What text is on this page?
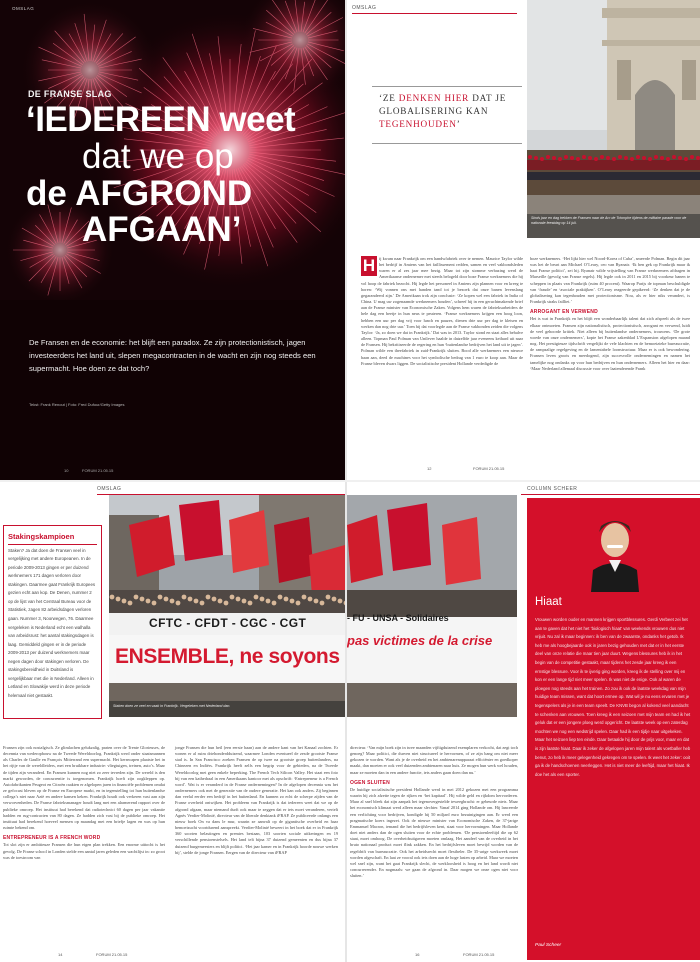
OMSLAG
DE FRANSE SLAG
‘IEDEREEN weet
dat we op
de AFGROND
AFGAAN’
De Fransen en de economie: het blijft een paradox. Ze zijn protectionistisch, jagen investeerders het land uit, slepen megacontracten in de wacht en zijn nog steeds een supermacht. Hoe doen ze dat toch?
Tekst: Frank Renout | Foto: Fred Dufour/Getty Images
10	FORUM 21.05.15
OMSLAG
‘ZE DENKEN HIER DAT JE GLOBALISERING KAN TEGENHOUDEN’
Sinds jaar en dag trekken de Fransen naar de Arc de Triomphe tijdens de militaire parade voor de nationale feestdag op 14 juli.
H ij kwam naar Frankrijk om een handwfabriek over te nemen. Maurice Taylor wilde het bedrijf in Amiens van het faillissement redden, samen en veel vakbondsleden waren er al zes jaar mee bezig. Maar tot zijn stomme verbazing werd de Amerikaanse ondernemer met steeds belogeld door boze Franse werknemers die hij vol hoop de fabriek bezocht. Hij legde het personeel in Amiens zijn plannen voor en kreeg te horen: ‘Wij vonnen ons met handen tand tot je bezoek dat onze banen levenslang gegarandeerd zijn.’ De Amerikaan trok zijn conclusie: ‘Ze kopen wel een fabriek in India of China. U mag uw zogenaamde werknemers houden’, schreef hij in een geruchtmakende brief aan de Franse minister van Economische Zaken. Volgens hem waren de fabrieksarbeiders de hele dag een beetje in hun neus te peuteren. ‘Franse werknemers krijgen een hoog loon, hebben een uur per dag vrij voor lunch en pauzes, dienen drie uur per dag te kletsen en werken dan nog drie uur.’ Toen hij dat voorlegde aan de Franse vakbonden zeiden die volgens Taylor: ‘Ja, zo doen we dat in Frankrijk.’ Dat was in 2013. Taylor stond en staat alles behalve alleen. Topman Paul Polman van Unilever haalde in datzelfde jaar eveneens keihard uit naar de Fransen. Hij bekritiseerde de regering en hun ‘buitenlandse bedrijven het land uit te jagen’. Polman wilde een theefabriek in zuid-Frankrijk sluiten. Bood alle werknemers een nieuwe baan aan, deed de machines voor het symbolische bedrag van 1 euro te koop aan. Maar de Franse bleven dwars liggen. De socialistische president Hollande verdedigde de
boze werknemers. ‘Het lijkt hier wel Noord-Korea of Cuba’, smeerde Polman. Begin dit jaar was het de beurt aan Michael O’Leary, ceo van Ryanair. ‘Ik ben gek op Frankrijk maar ik haat Franse politici’, zei hij. Ryanair wilde vrijstelling van Franse werknemers afdragen in Marseille (gevolg van Franse regels). Hij legde ook in 2011 en 2015 bij voorkeur banen te scheppen in plaats van Frankrijk (ruim 40 procent). Waarop Parijs de topman beschuldigde van ‘fraude’ en ‘asociale praktijken’. O’Leary reageerde gepikeerd: ‘Ze denken dat je de globalisering kan tegenhouden met protectionisme. Nou, als er hier niks verandert, is Frankrijk straks failliet.’
ARROGANT EN VERWEND
Het is wat in Frankrijk en het blijft een wonderbaarlijk talent dat zich afspeelt als de twee elkaar ontmoeten. Fransen zijn nationalistisch, protectionistisch, arrogant en verwend, luidt de veel gehoorde kritiek. Niet alleen bij buitenlandse ondernemers, trouwens. ‘De grote woede van onze ondernemers’, kopte het Franse zakenblad L’Expansion afgelopen maand nog. Het prestigieuze tijdschrift vergelijkt de vele klachten en de bemoeizieke bureaucratie, de rampzalige regelgeving en de lamentabele loonstructuur. Maar er is ook bewondering. Fransen leven groots en meedogend, zijn succesvolle ondernemingen en namen het tamelijke nog ondanks op voor hun bedrijven en hun ondernemers. Alleen het hier en daar: ‘Maar Nederland allemaal discussie voor over laaienderende Frank
12	FORUM 21.05.15
OMSLAG
Stakingskampioen
Staken? Ja dat doen de Fransen veel in vergelijking met andere Europeanen. In de periode 2009-2013 gingen er per duizend werknemers 171 dagen verloren door stakingen. Daarmee gaat Frankrijk Europees gezien echt aan kop. De Denen, nummer 2 op de lijst van het Centraal Bureau voor de Statistiek, zagen 82 arbeidsdagen verloren gaan. Nummer 3, Noorwegen, 76. Daarmee vergeleken is Nederland echt een walhalla van arbeidsrust: het aantal stakingsdagen is laag. Gemiddeld gingen er in de periode 2009-2013 per duizend werknemers maar negen dagen door stakingen verloren. De stakingsbereidheid in Duitsland is vergelijkbaar met die in Nederland. Alleen in Letland en Slowakije werd in deze periode helemaal niet gestaakt.
CFTC - CFDT - CGC - CGT
ENSEMBLE, ne soyons
Staken doen ze veel en vaak in Frankrijk. Vergeleken met Nederland dan.
Fransen zijn ook nostalgisch. Ze glimlachen gelukzalig, praten over de Trente Glorieuses, de decennia van wederopbouw na de Tweede Wereldoorlog. Frankrijk werd onder staatsmannen als Charles de Gaulle en François Mitterrand een supermacht. Het kernwapen plaatste het in het rijtje van de wereldleiders, met een bruikbare industrie: vliegtuigen, treinen, auto’s. Maar de tijden zijn veranderd. En Fransen kunnen nog niet zo zeer tevreden zijn. De wereld is den markt geworden, de concurrentie is toegenomen. Frankrijk hoeft zijn oogkleppen op. Autofabrikanten Peugeot en Citroën raakten er afgelopen jaren in financiële problemen omdat ze gefocust bleven op de Franse en Europese markt, en in tegenstelling tot hun buitenlandse collega’s niet naar Azië en andere kansen keken. Frankrijk houdt ook verkeren vast aan zijn verworvenheden. De Franse fabrieksmanager houdt lang met een alarmerend rapport over de publieke omroep. Het instituut had berekend dat radiotechnici 60 dagen per jaar vakantie hadden en rug-contracten van 80 dagen. Ze hadden zich vast bij de publieke omroep. Het instituut had berekend hoeveel mensen op maandag met een briefje lagen en was op hun ruimte bekend om.
ENTREPRENEUR IS A FRENCH WORD
Tot slot zijn er ambitieuze Fransen die hun eigen plan trekken. Een enorme uittocht is het gevolg. De Franse school in Londen stelde een aantal jaren geleden een wachtlijst in: zo groot was de toestroom van
jonge Fransen die hun heil (een eerste baan) aan de andere kant van het Kanaal zochten. Er wonen er al ruim driehonderdduizend, waarmee Londen eventueel de zesde grootste Franse stad is. In San Francisco zoeken Fransen de op twee na grootste groep buitenlanders, na Chinezen en Indiërs. Frankrijk heeft zelfs een begrip voor de gebieden, na de Tweede Wereldoorlog met geen enkele beperking. The French Tech Silicon Valley. Het staat een foto bij van een kathedraal in een Amerikaans kantoor met als opschrift: ‘Entrepreneur is a French word’. Wat is er veranderd in de Franse ondernemingen? In de afgelopen decennia was het ondernemers ook met de generatie van de oudere generatie. Het kan ook anders. Zij beginnen dan veelal eerder een bedrijf in het buitenland. En kunnen zo echt de scherpe zijden van de Franse overheid ontwijken. Het probleem van Frankrijk is dat iedereen weet dat we op de afgrond afgaan, maar niemand durft ook maar te zeggen dat er iets moet veranderen, vertelt Agnès Verdier-Molinié, directeur van de liberale denktank iFRAP. Ze publiceerde onlangs een nieuw boek On va dans le mur, waarin ze aanvalt op de gigantische overheid en haar bemoeizucht voortdurend aanspreekt. Verdier-Molinié beweert in het boek dat er in Frankrijk 360 soorten belastingen en premies bestaan, 103 soorten sociale uitkeringen en 19 verschillende pensioenstelsels. Het land telt bijna 37 duizend gemeenten en dus bijna 37 duizend burgemeesters en blijft politici. ‘Het jaar kamer en in Frankrijk hoorde nouwe werken bij’, stelde de jonge Fransen. Eergen van de directeur van iFRAP
14	FORUM 21.05.15
- FU - UNSA - Solidaires
pas victimes de la crise
COLUMN SCHEER
Hiaat
Vrouwen worden ouder en mannen krijgen sportblessures. Gerdi Verbeet zei het aan te gaven dat het niet het ‘biologisch hiaat’ van weekends vrouwen dus niet vrijuit. Nu zal ik maar beginnen: ik ben van de zwaarste, ondanks het getob. Ik heb me als hoogbejaarde ook in jaren bezig gehouden met dat er in het eerste deel van onze relatie die maar tien jaar duurt. Wegens blessures heb ik in het begin van de competitie gestaakt, maar tijdens het zesde jaar kreeg ik een ernstige blessure. Voor ik te ijverig ging worden, kreeg ik de stelling over mij en kon er een lange tijd niet meer spelen. Ik was niet de enige. Ook al waren de ploegen nog steeds aan het trainen. Zo zou ik ook de laatste weekdag van mijn huidige team missen, want dat hoort ermee op. Wat wil je nu eens ervaren met je tegenspelers als je in een team speelt. De KNVB begon al kokend veel aandacht te schenken aan vrouwen. Toen kreeg ik een seizoen met mijn team en had ik het geluk dat er een jongere ploeg werd opgericht. De laatste week op een zaterdag mochten we nog een wedstrijd spelen. Daar had ik een tijdje naar uitgekeken. Maar het seizoen liep ten einde. Daar betaalde hij door de prijs voor, maar en dat is zijn laatste hiaat. Daar ik zeker de afgelopen jaren mijn talent als voetballer heb benut, zo heb ik meer gelegenheid gekregen om te spelen. Ik weet het zeker: ooit ga ik de handschoenen neerleggen. Het is niet meer de leeftijd, maar het hiaat. Ik doe het als een sporter.
Paul Scheer
directeur. ‘Van mijn boek zijn in twee maanden vijftigduizend exemplaren verkocht, dat zegt toch genoeg? Maar politici, die durven niet structureel te hervormen, of ze zijn bang om niet meer gekozen te worden. Want als je de overheid en het ambtenarenapparaat efficiënter en goedkoper maakt, dan moeten er ook veel duizenden ambtenaren naar huis. Ze mogen hun werk wel houden, maar ze moeten dan in een andere functie, iets anders gaan doen dan nu.’
OGEN SLUITEN
De huidige socialistische president Hollande werd in mei 2012 gekozen met een programma waarin hij zich afzette tegen de rijken en ‘het kapitaal’. Hij wilde geld en rijkdom hervorderen. Maar al snel bleek dat zijn aanpak het tegenovergestelde teweegbracht: er gebeurde niets. Maar het economisch klimaat werd alleen maar slechter. Vanaf 2014 ging Hollande om. Hij lanceerde een verlichting voor bedrijven, kondigde hij 50 miljard euro bezuinigingen aan. Er werd een pragmatische koers ingezet. Ook de nieuwe minister van Economische Zaken, de 37-jarige Emmanuel Macron, iemand die het bedrijfsleven kent, staat voor hervormingen. Maar Hollande doet niet anders dan de ogen sluiten voor de echte problemen. ‘De pensioenleeftijd die op 62 staat, moet omhoog. De overheidsuitgaven moeten omlaag. Het aandeel van de overheid in het bruto nationaal product moet flink zakken. En het bedrijfsleven moet bevrijd worden van de regeldrift van bureaucratie. Ook het arbeidsrecht moet flexibeler. De 35-urige werkweek moet worden afgeschaft. En laat ze vooral ook iets doen aan de hoge lasten op arbeid. Maar we moeten wel snel zijn, want het gaat Frankrijk slecht, de werkloosheid is hoog en het land wordt niet concurrerender. En nogmaals: we gaan de afgrond in. Daar mogen we onze ogen niet voor sluiten.’
16	FORUM 21.05.15
